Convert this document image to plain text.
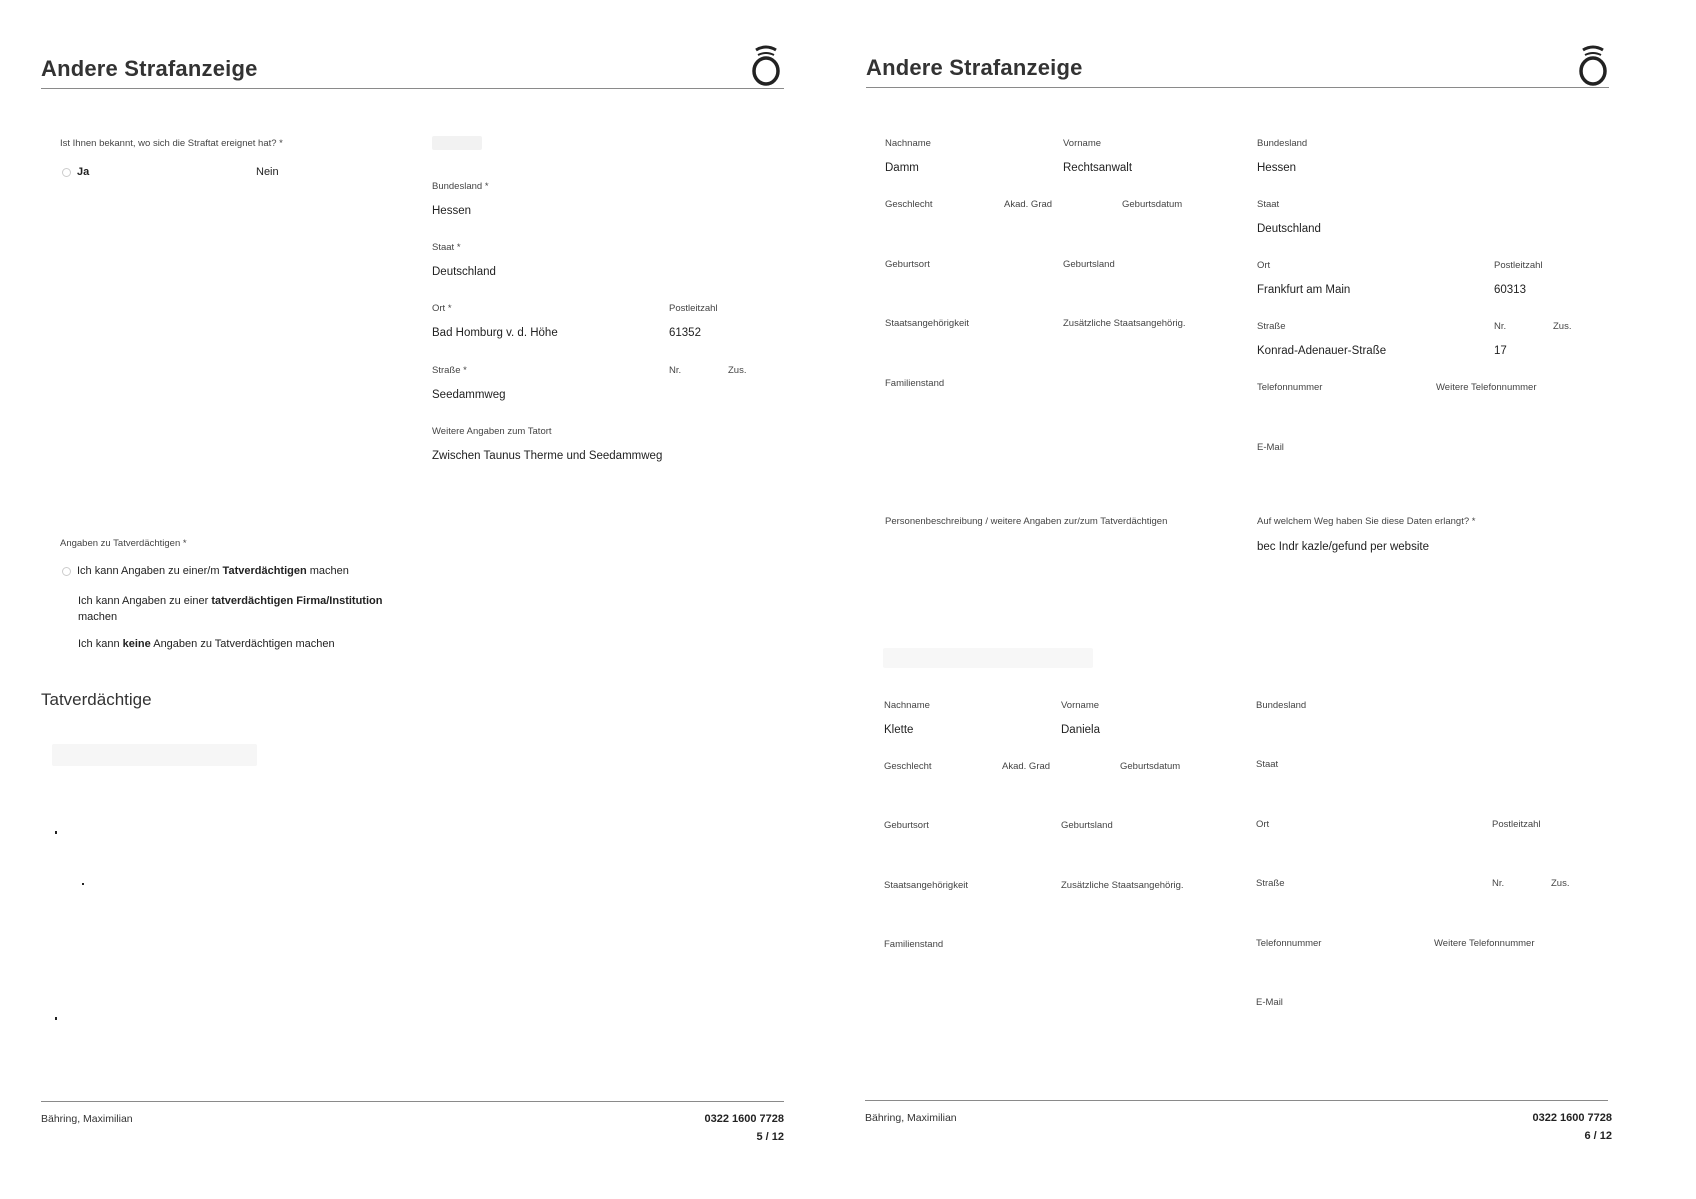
Andere Strafanzeige
Ist Ihnen bekannt, wo sich die Straftat ereignet hat? *
Ja	Nein
Bundesland *
Hessen
Staat *
Deutschland
Ort *
Bad Homburg v. d. Höhe
Postleitzahl
61352
Straße *
Seedammweg
Nr.	Zus.
Weitere Angaben zum Tatort
Zwischen Taunus Therme und Seedammweg
Angaben zu Tatverdächtigen *
Ich kann Angaben zu einer/m Tatverdächtigen machen
Ich kann Angaben zu einer tatverdächtigen Firma/Institution
machen
Ich kann keine Angaben zu Tatverdächtigen machen
Tatverdächtige
Bähring, Maximilian	0322 1600 7728
5 / 12
Andere Strafanzeige
Nachname
Damm
Vorname
Rechtsanwalt
Geschlecht	Akad. Grad	Geburtsdatum
Geburtsort	Geburtsland
Staatsangehörigkeit	Zusätzliche Staatsangehörig.
Familienstand
Bundesland
Hessen
Staat
Deutschland
Ort
Frankfurt am Main
Postleitzahl
60313
Straße
Konrad-Adenauer-Straße
Nr.
17
Zus.
Telefonnummer	Weitere Telefonnummer
E-Mail
Personenbeschreibung / weitere Angaben zur/zum Tatverdächtigen	Auf welchem Weg haben Sie diese Daten erlangt? *
bec Indr kazle/gefund per website
Nachname
Klette
Vorname
Daniela
Geschlecht	Akad. Grad	Geburtsdatum
Geburtsort	Geburtsland
Staatsangehörigkeit	Zusätzliche Staatsangehörig.
Familienstand
Bundesland
Staat
Ort	Postleitzahl
Straße	Nr.	Zus.
Telefonnummer	Weitere Telefonnummer
E-Mail
Bähring, Maximilian	0322 1600 7728
6 / 12
